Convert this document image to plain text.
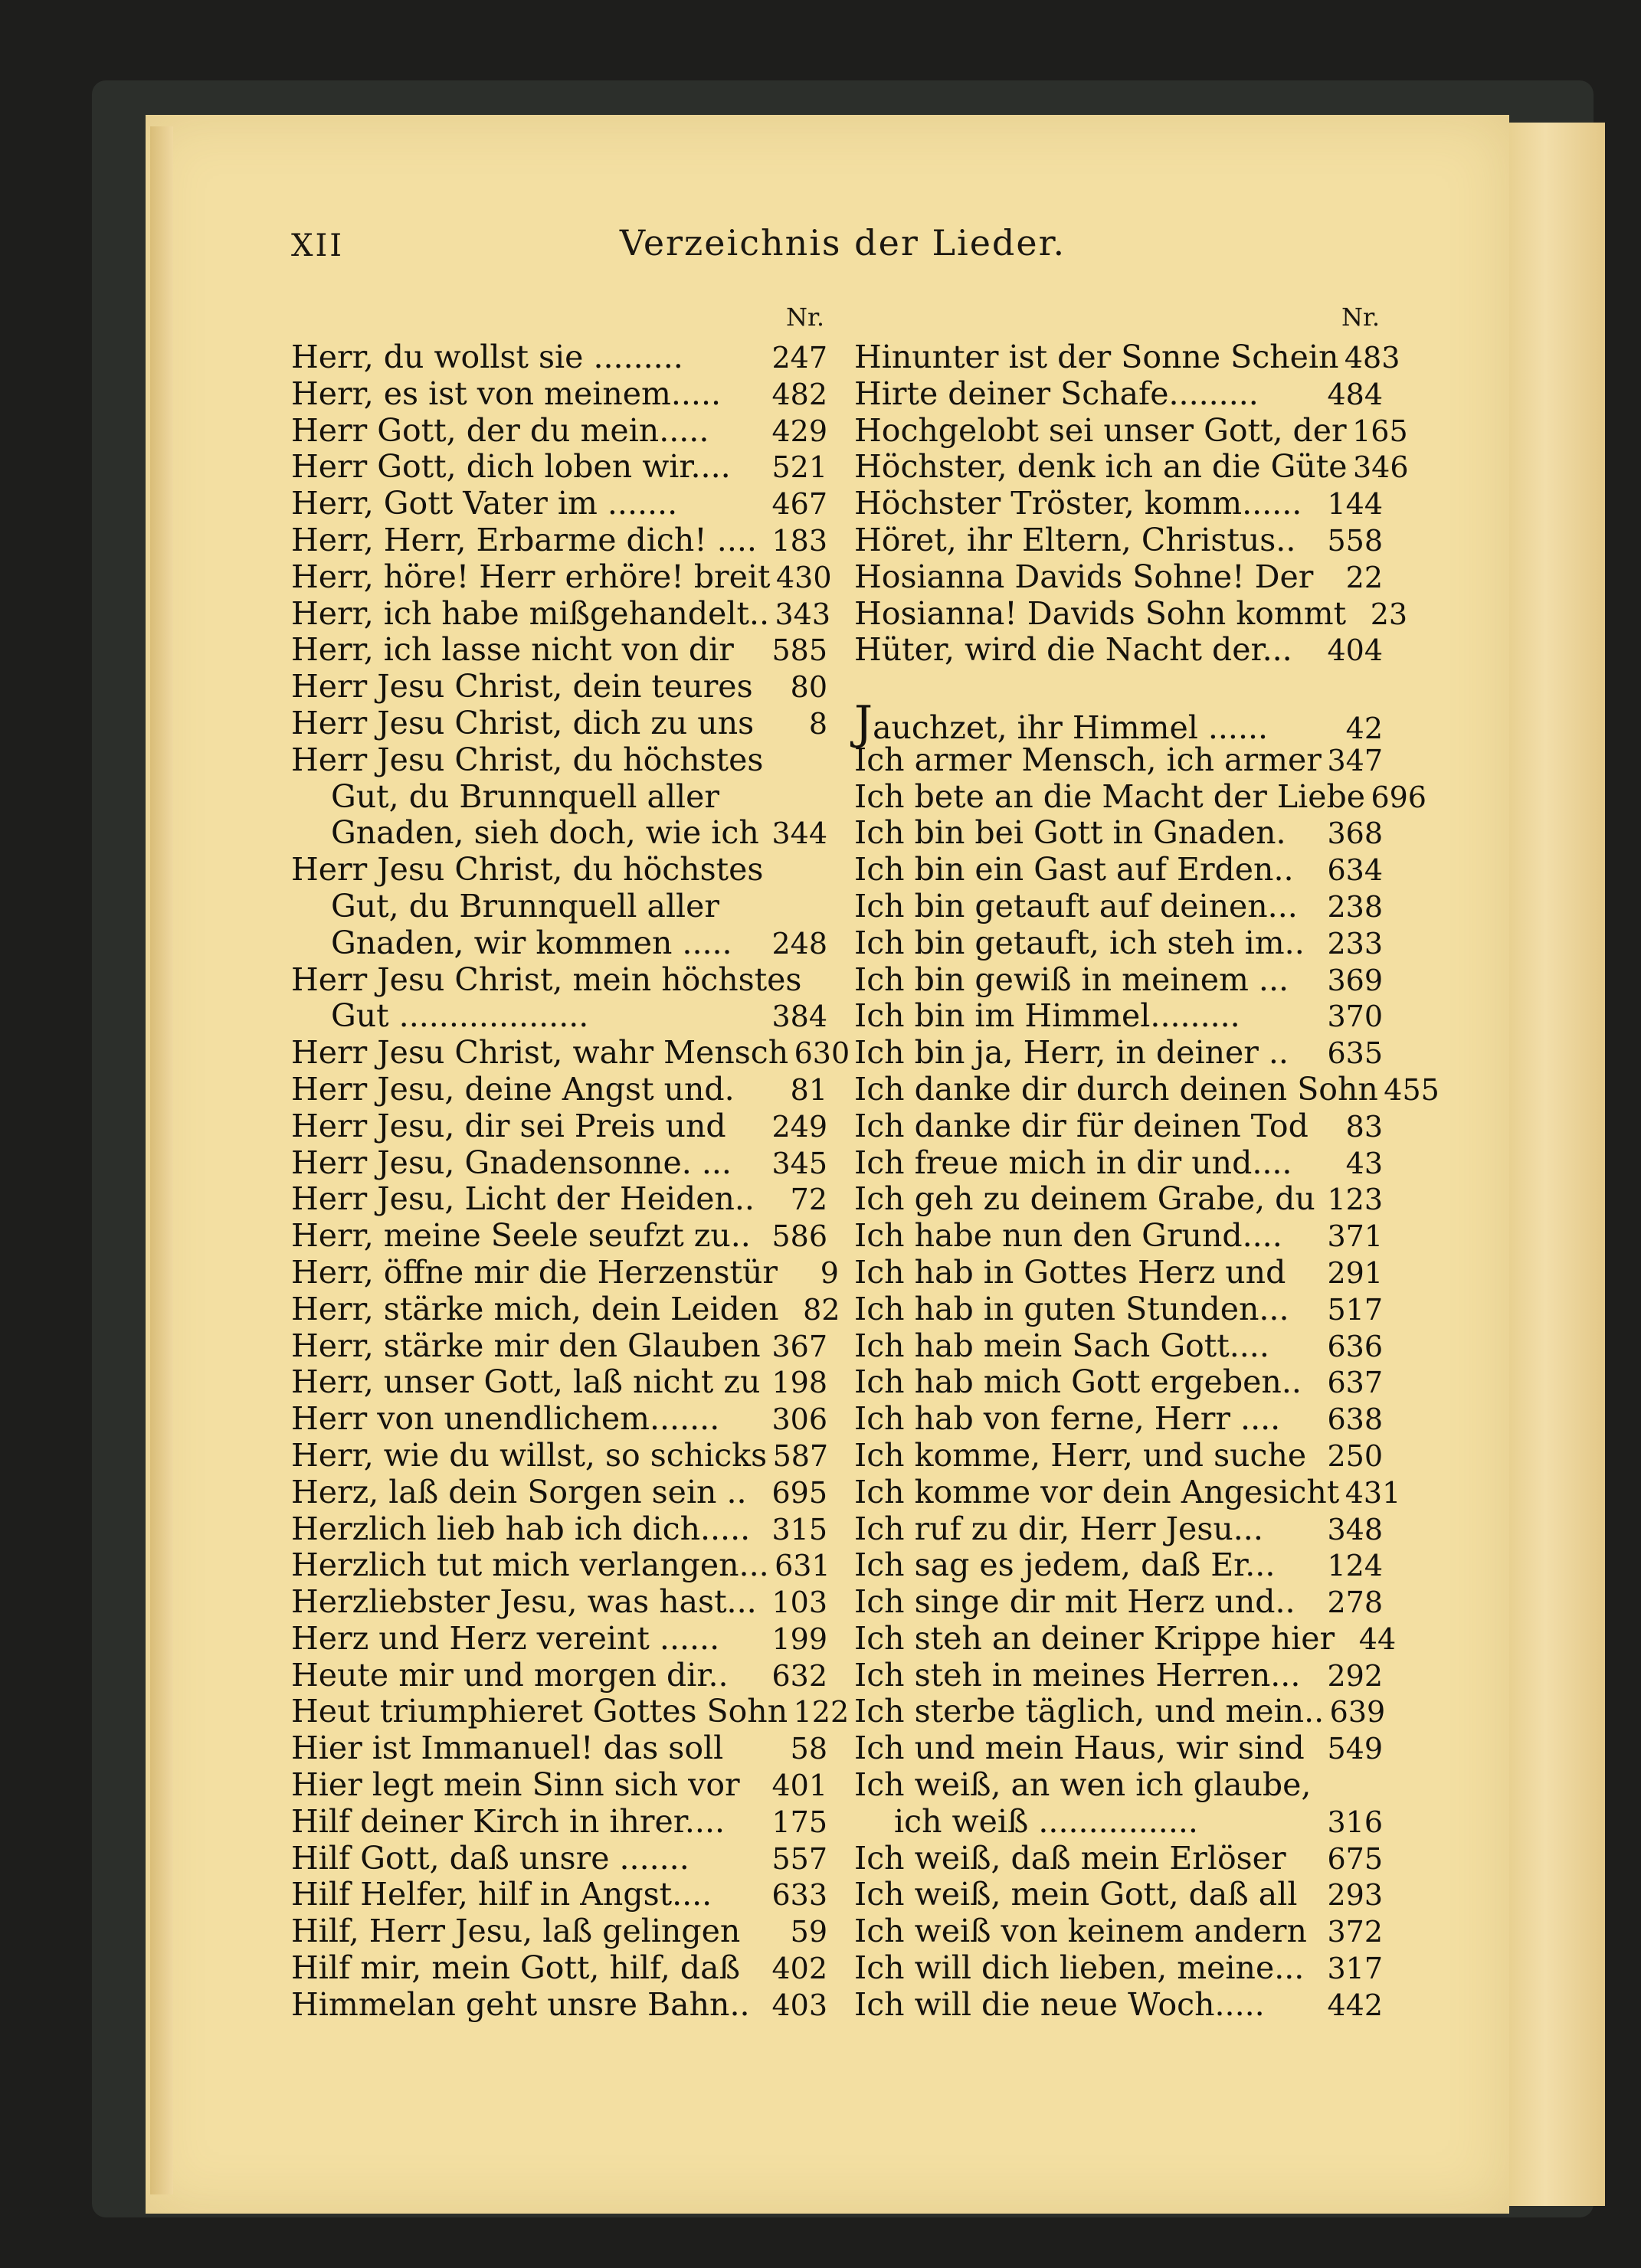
XII	Verzeichnis der Lieder.
Nr.
Herr, du wollst sie .........	247
Herr, es ist von meinem.....	482
Herr Gott, der du mein.....	429
Herr Gott, dich loben wir....	521
Herr, Gott Vater im .......	467
Herr, Herr, Erbarme dich! .... 183
Herr, höre! Herr erhöre! breit 430
Herr, ich habe mißgehandelt.. 343
Herr, ich lasse nicht von dir	585
Herr Jesu Christ, dein teures	80
Herr Jesu Christ, dich zu uns	8
Herr Jesu Christ, du höchstes
Gut, du Brunnquell aller
Gnaden, sieh doch, wie ich 344
Herr Jesu Christ, du höchstes
Gut, du Brunnquell aller
Gnaden, wir kommen .....	248
Herr Jesu Christ, mein höchstes
Gut ...................	384
Herr Jesu Christ, wahr Mensch 630
Herr Jesu, deine Angst und.	81
Herr Jesu, dir sei Preis und	249
Herr Jesu, Gnadensonne. ...	345
Herr Jesu, Licht der Heiden..	72
Herr, meine Seele seufzt zu.. 586
Herr, öffne mir die Herzenstür	9
Herr, stärke mich, dein Leiden 82
Herr, stärke mir den Glauben 367
Herr, unser Gott, laß nicht zu 198
Herr von unendlichem.......	306
Herr, wie du willst, so schicks 587
Herz, laß dein Sorgen sein .. 695
Herzlich lieb hab ich dich..... 315
Herzlich tut mich verlangen... 631
Herzliebster Jesu, was hast... 103
Herz und Herz vereint ......	199
Heute mir und morgen dir..	632
Heut triumphieret Gottes Sohn 122
Hier ist Immanuel! das soll	58
Hier legt mein Sinn sich vor	401
Hilf deiner Kirch in ihrer....	175
Hilf Gott, daß unsre .......	557
Hilf Helfer, hilf in Angst....	633
Hilf, Herr Jesu, laß gelingen	59
Hilf mir, mein Gott, hilf, daß	402
Himmelan geht unsre Bahn.. 403
Nr.
Hinunter ist der Sonne Schein 483
Hirte deiner Schafe.........	484
Hochgelobt sei unser Gott, der 165
Höchster, denk ich an die Güte 346
Höchster Tröster, komm...... 144
Höret, ihr Eltern, Christus..	558
Hosianna Davids Sohne! Der	22
Hosianna! Davids Sohn kommt 23
Hüter, wird die Nacht der...	404
Jauchzet, ihr Himmel ......	42
Ich armer Mensch, ich armer 347
Ich bete an die Macht der Liebe 696
Ich bin bei Gott in Gnaden.	368
Ich bin ein Gast auf Erden..	634
Ich bin getauft auf deinen...	238
Ich bin getauft, ich steh im.. 233
Ich bin gewiß in meinem ...	369
Ich bin im Himmel.........	370
Ich bin ja, Herr, in deiner ..	635
Ich danke dir durch deinen Sohn 455
Ich danke dir für deinen Tod	83
Ich freue mich in dir und....	43
Ich geh zu deinem Grabe, du 123
Ich habe nun den Grund....	371
Ich hab in Gottes Herz und	291
Ich hab in guten Stunden...	517
Ich hab mein Sach Gott....	636
Ich hab mich Gott ergeben.. 637
Ich hab von ferne, Herr ....	638
Ich komme, Herr, und suche 250
Ich komme vor dein Angesicht 431
Ich ruf zu dir, Herr Jesu...	348
Ich sag es jedem, daß Er...	124
Ich singe dir mit Herz und..	278
Ich steh an deiner Krippe hier 44
Ich steh in meines Herren... 292
Ich sterbe täglich, und mein.. 639
Ich und mein Haus, wir sind 549
Ich weiß, an wen ich glaube,
ich weiß ................	316
Ich weiß, daß mein Erlöser	675
Ich weiß, mein Gott, daß all	293
Ich weiß von keinem andern 372
Ich will dich lieben, meine... 317
Ich will die neue Woch.....	442
